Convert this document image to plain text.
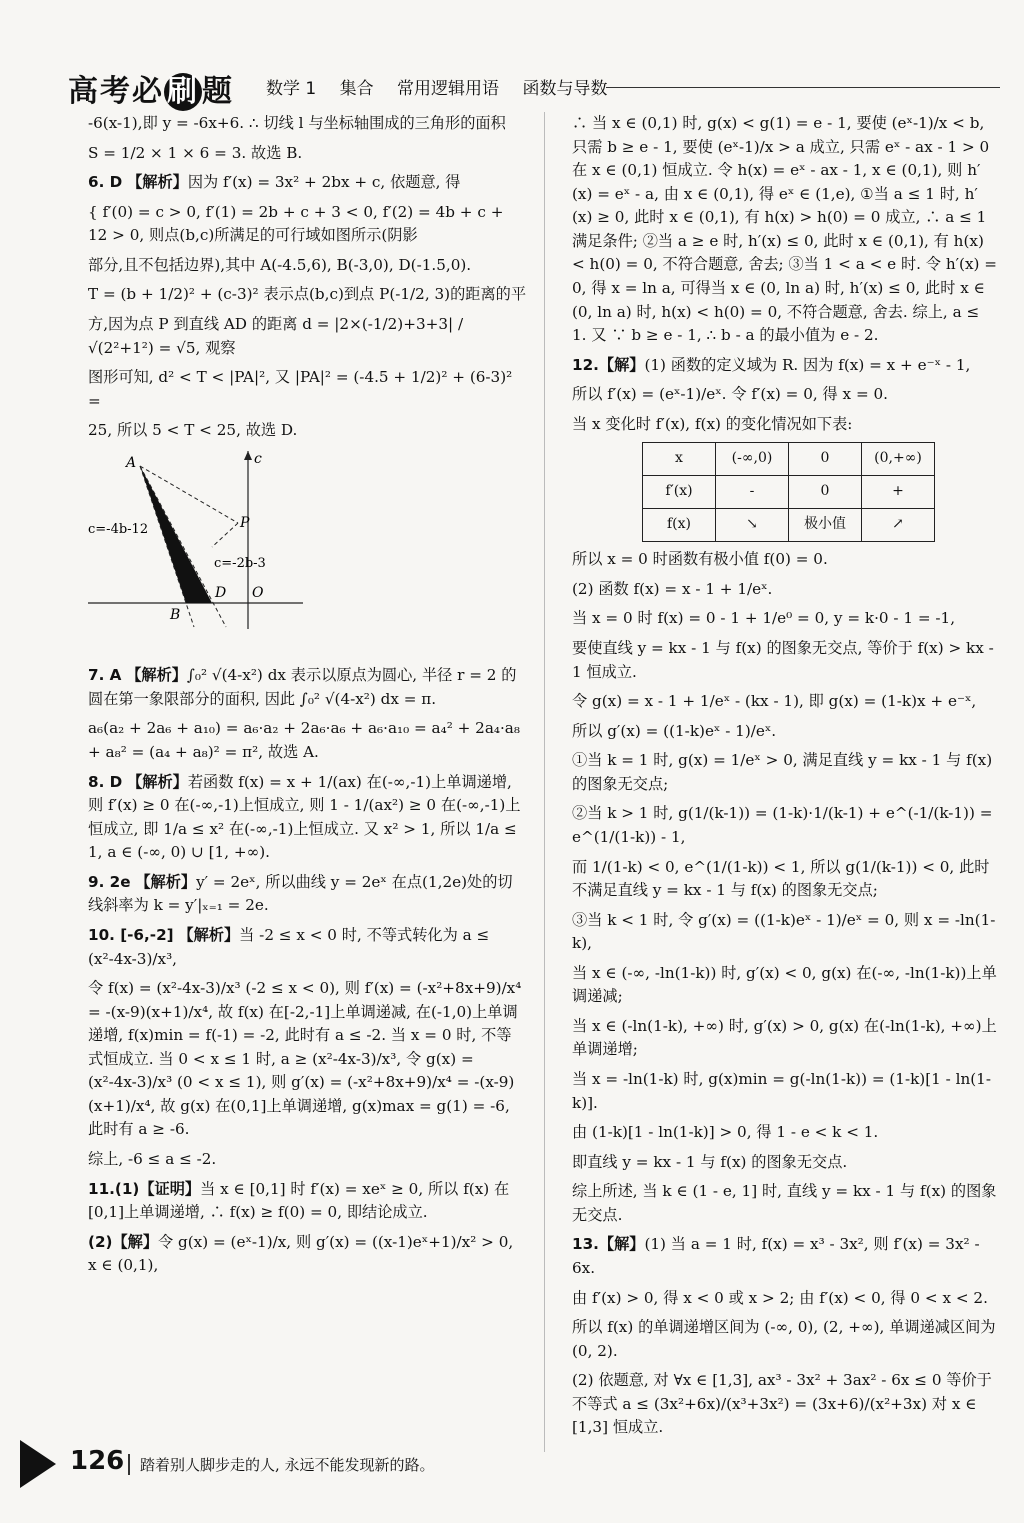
高考必 刷 题 数学 1 集合 常用逻辑用语 函数与导数

-6(x-1),即 y = -6x+6. ∴ 切线 l 与坐标轴围成的三角形的面积

S = 1/2 × 1 × 6 = 3. 故选 B.

6. D 【解析】因为 f′(x) = 3x² + 2bx + c, 依题意, 得

{ f′(0) = c > 0, f′(1) = 2b + c + 3 < 0, f′(2) = 4b + c + 12 > 0, 则点(b,c)所满足的可行域如图所示(阴影

部分,且不包括边界),其中 A(-4.5,6), B(-3,0), D(-1.5,0).

T = (b + 1/2)² + (c-3)² 表示点(b,c)到点 P(-1/2, 3)的距离的平

方,因为点 P 到直线 AD 的距离 d = |2×(-1/2)+3+3| / √(2²+1²) = √5, 观察

图形可知, d² < T < |PA|², 又 |PA|² = (-4.5 + 1/2)² + (6-3)² =

25, 所以 5 < T < 25, 故选 D.

c
A
P
D O
B
c=-4b-12
c=-2b-3

7. A 【解析】∫₀² √(4-x²) dx 表示以原点为圆心, 半径 r = 2 的圆在第一象限部分的面积, 因此 ∫₀² √(4-x²) dx = π.

a₆(a₂ + 2a₆ + a₁₀) = a₆·a₂ + 2a₆·a₆ + a₆·a₁₀ = a₄² + 2a₄·a₈ + a₈² = (a₄ + a₈)² = π², 故选 A.

8. D 【解析】若函数 f(x) = x + 1/(ax) 在(-∞,-1)上单调递增, 则 f′(x) ≥ 0 在(-∞,-1)上恒成立, 则 1 - 1/(ax²) ≥ 0 在(-∞,-1)上恒成立, 即 1/a ≤ x² 在(-∞,-1)上恒成立. 又 x² > 1, 所以 1/a ≤ 1, a ∈ (-∞, 0) ∪ [1, +∞).

9. 2e 【解析】y′ = 2eˣ, 所以曲线 y = 2eˣ 在点(1,2e)处的切线斜率为 k = y′|ₓ₌₁ = 2e.

10. [-6,-2] 【解析】当 -2 ≤ x < 0 时, 不等式转化为 a ≤ (x²-4x-3)/x³,

令 f(x) = (x²-4x-3)/x³ (-2 ≤ x < 0), 则 f′(x) = (-x²+8x+9)/x⁴ = -(x-9)(x+1)/x⁴, 故 f(x) 在[-2,-1]上单调递减, 在(-1,0)上单调递增, f(x)min = f(-1) = -2, 此时有 a ≤ -2. 当 x = 0 时, 不等式恒成立. 当 0 < x ≤ 1 时, a ≥ (x²-4x-3)/x³, 令 g(x) = (x²-4x-3)/x³ (0 < x ≤ 1), 则 g′(x) = (-x²+8x+9)/x⁴ = -(x-9)(x+1)/x⁴, 故 g(x) 在(0,1]上单调递增, g(x)max = g(1) = -6, 此时有 a ≥ -6.

综上, -6 ≤ a ≤ -2.

11.(1)【证明】当 x ∈ [0,1] 时 f′(x) = xeˣ ≥ 0, 所以 f(x) 在[0,1]上单调递增, ∴ f(x) ≥ f(0) = 0, 即结论成立.

(2)【解】令 g(x) = (eˣ-1)/x, 则 g′(x) = ((x-1)eˣ+1)/x² > 0, x ∈ (0,1),

∴ 当 x ∈ (0,1) 时, g(x) < g(1) = e - 1, 要使 (eˣ-1)/x < b, 只需 b ≥ e - 1, 要使 (eˣ-1)/x > a 成立, 只需 eˣ - ax - 1 > 0 在 x ∈ (0,1) 恒成立. 令 h(x) = eˣ - ax - 1, x ∈ (0,1), 则 h′(x) = eˣ - a, 由 x ∈ (0,1), 得 eˣ ∈ (1,e), ①当 a ≤ 1 时, h′(x) ≥ 0, 此时 x ∈ (0,1), 有 h(x) > h(0) = 0 成立, ∴ a ≤ 1 满足条件; ②当 a ≥ e 时, h′(x) ≤ 0, 此时 x ∈ (0,1), 有 h(x) < h(0) = 0, 不符合题意, 舍去; ③当 1 < a < e 时. 令 h′(x) = 0, 得 x = ln a, 可得当 x ∈ (0, ln a) 时, h′(x) ≤ 0, 此时 x ∈ (0, ln a) 时, h(x) < h(0) = 0, 不符合题意, 舍去. 综上, a ≤ 1. 又 ∵ b ≥ e - 1, ∴ b - a 的最小值为 e - 2.

12.【解】(1) 函数的定义域为 R. 因为 f(x) = x + e⁻ˣ - 1,

所以 f′(x) = (eˣ-1)/eˣ. 令 f′(x) = 0, 得 x = 0.

当 x 变化时 f′(x), f(x) 的变化情况如下表:

x	(-∞,0)	0	(0,+∞)
f′(x)	-	0	+
f(x)	↘	极小值	↗

所以 x = 0 时函数有极小值 f(0) = 0.

(2) 函数 f(x) = x - 1 + 1/eˣ.

当 x = 0 时 f(x) = 0 - 1 + 1/e⁰ = 0, y = k·0 - 1 = -1,

要使直线 y = kx - 1 与 f(x) 的图象无交点, 等价于 f(x) > kx - 1 恒成立.

令 g(x) = x - 1 + 1/eˣ - (kx - 1), 即 g(x) = (1-k)x + e⁻ˣ,

所以 g′(x) = ((1-k)eˣ - 1)/eˣ.

①当 k = 1 时, g(x) = 1/eˣ > 0, 满足直线 y = kx - 1 与 f(x) 的图象无交点;

②当 k > 1 时, g(1/(k-1)) = (1-k)·1/(k-1) + e^(-1/(k-1)) = e^(1/(1-k)) - 1,

而 1/(1-k) < 0, e^(1/(1-k)) < 1, 所以 g(1/(k-1)) < 0, 此时不满足直线 y = kx - 1 与 f(x) 的图象无交点;

③当 k < 1 时, 令 g′(x) = ((1-k)eˣ - 1)/eˣ = 0, 则 x = -ln(1-k),

当 x ∈ (-∞, -ln(1-k)) 时, g′(x) < 0, g(x) 在(-∞, -ln(1-k))上单调递减;

当 x ∈ (-ln(1-k), +∞) 时, g′(x) > 0, g(x) 在(-ln(1-k), +∞)上单调递增;

当 x = -ln(1-k) 时, g(x)min = g(-ln(1-k)) = (1-k)[1 - ln(1-k)].

由 (1-k)[1 - ln(1-k)] > 0, 得 1 - e < k < 1.

即直线 y = kx - 1 与 f(x) 的图象无交点.

综上所述, 当 k ∈ (1 - e, 1] 时, 直线 y = kx - 1 与 f(x) 的图象无交点.

13.【解】(1) 当 a = 1 时, f(x) = x³ - 3x², 则 f′(x) = 3x² - 6x.

由 f′(x) > 0, 得 x < 0 或 x > 2; 由 f′(x) < 0, 得 0 < x < 2.

所以 f(x) 的单调递增区间为 (-∞, 0), (2, +∞), 单调递减区间为 (0, 2).

(2) 依题意, 对 ∀x ∈ [1,3], ax³ - 3x² + 3ax² - 6x ≤ 0 等价于不等式 a ≤ (3x²+6x)/(x³+3x²) = (3x+6)/(x²+3x) 对 x ∈ [1,3] 恒成立.

126	踏着别人脚步走的人, 永远不能发现新的路。
